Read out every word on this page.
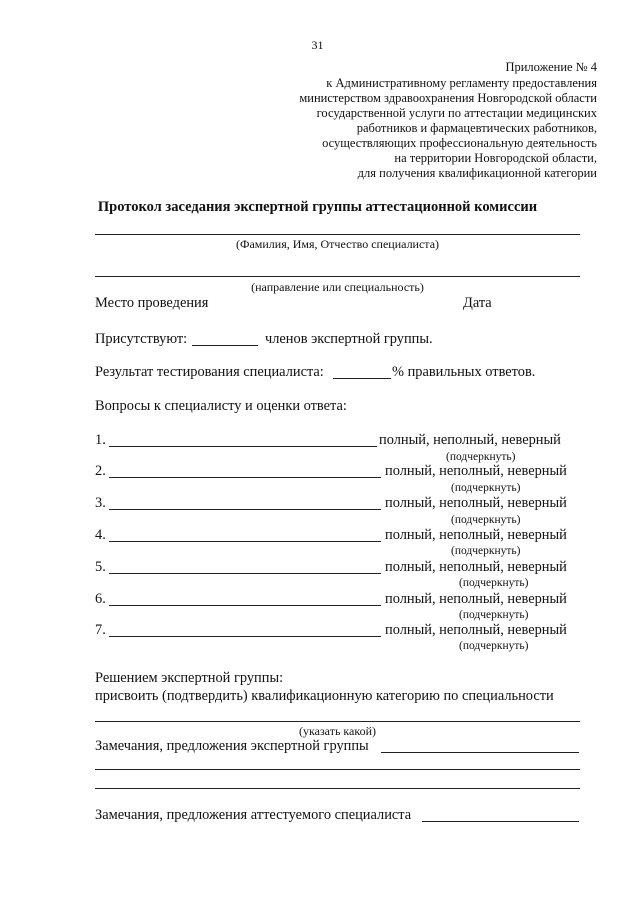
31
Приложение № 4
к Административному регламенту предоставления
министерством здравоохранения Новгородской области
государственной услуги по аттестации медицинских
работников и фармацевтических работников,
осуществляющих профессиональную деятельность
на территории Новгородской области,
для получения квалификационной категории
Протокол заседания экспертной группы аттестационной комиссии
(Фамилия, Имя, Отчество специалиста)
(направление или специальность)
Место проведения	Дата
Присутствуют:	членов экспертной группы.
Результат тестирования специалиста:	% правильных ответов.
Вопросы к специалисту и оценки ответа:
1.	полный, неполный, неверный
(подчеркнуть)
2.	полный, неполный, неверный
(подчеркнуть)
3.	полный, неполный, неверный
(подчеркнуть)
4.	полный, неполный, неверный
(подчеркнуть)
5.	полный, неполный, неверный
(подчеркнуть)
6.	полный, неполный, неверный
(подчеркнуть)
7.	полный, неполный, неверный
(подчеркнуть)
Решением экспертной группы:
присвоить (подтвердить) квалификационную категорию по специальности
(указать какой)
Замечания, предложения экспертной группы
Замечания, предложения аттестуемого специалиста
